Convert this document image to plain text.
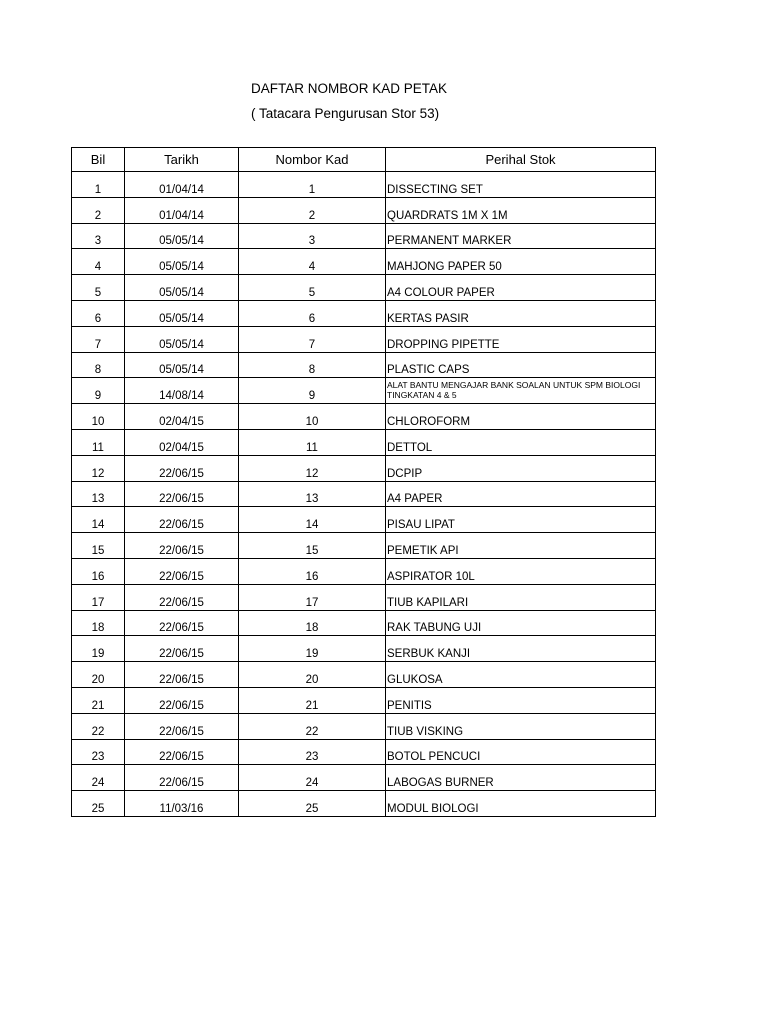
DAFTAR NOMBOR KAD PETAK
( Tatacara Pengurusan Stor 53)
Bil	Tarikh	Nombor Kad	Perihal Stok
1	01/04/14	1	DISSECTING SET
2	01/04/14	2	QUARDRATS 1M X 1M
3	05/05/14	3	PERMANENT MARKER
4	05/05/14	4	MAHJONG PAPER 50
5	05/05/14	5	A4 COLOUR PAPER
6	05/05/14	6	KERTAS PASIR
7	05/05/14	7	DROPPING PIPETTE
8	05/05/14	8	PLASTIC CAPS
9	14/08/14	9	ALAT BANTU MENGAJAR BANK SOALAN UNTUK SPM BIOLOGI TINGKATAN 4 & 5
10	02/04/15	10	CHLOROFORM
11	02/04/15	11	DETTOL
12	22/06/15	12	DCPIP
13	22/06/15	13	A4 PAPER
14	22/06/15	14	PISAU LIPAT
15	22/06/15	15	PEMETIK API
16	22/06/15	16	ASPIRATOR 10L
17	22/06/15	17	TIUB KAPILARI
18	22/06/15	18	RAK TABUNG UJI
19	22/06/15	19	SERBUK KANJI
20	22/06/15	20	GLUKOSA
21	22/06/15	21	PENITIS
22	22/06/15	22	TIUB VISKING
23	22/06/15	23	BOTOL PENCUCI
24	22/06/15	24	LABOGAS BURNER
25	11/03/16	25	MODUL BIOLOGI
